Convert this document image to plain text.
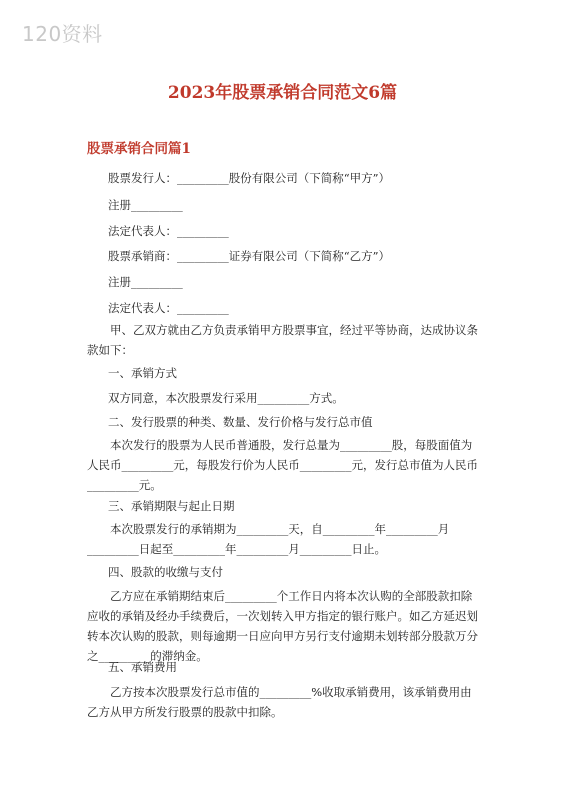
120资料
2023年股票承销合同范文6篇
股票承销合同篇1

股票发行人：_________股份有限公司（下简称“甲方”）

注册_________

法定代表人：_________

股票承销商：_________证券有限公司（下简称“乙方”）

注册_________

法定代表人：_________

甲、乙双方就由乙方负责承销甲方股票事宜，经过平等协商，达成协议条款如下：

一、承销方式

双方同意，本次股票发行采用_________方式。

二、发行股票的种类、数量、发行价格与发行总市值

本次发行的股票为人民币普通股，发行总量为_________股，每股面值为人民币_________元，每股发行价为人民币_________元，发行总市值为人民币_________元。

三、承销期限与起止日期

本次股票发行的承销期为_________天，自_________年_________月_________日起至_________年_________月_________日止。

四、股款的收缴与支付

乙方应在承销期结束后_________个工作日内将本次认购的全部股款扣除应收的承销及经办手续费后，一次划转入甲方指定的银行账户。如乙方延迟划转本次认购的股款，则每逾期一日应向甲方另行支付逾期未划转部分股款万分之_________的滞纳金。

五、承销费用

乙方按本次股票发行总市值的_________%收取承销费用，该承销费用由乙方从甲方所发行股票的股款中扣除。
